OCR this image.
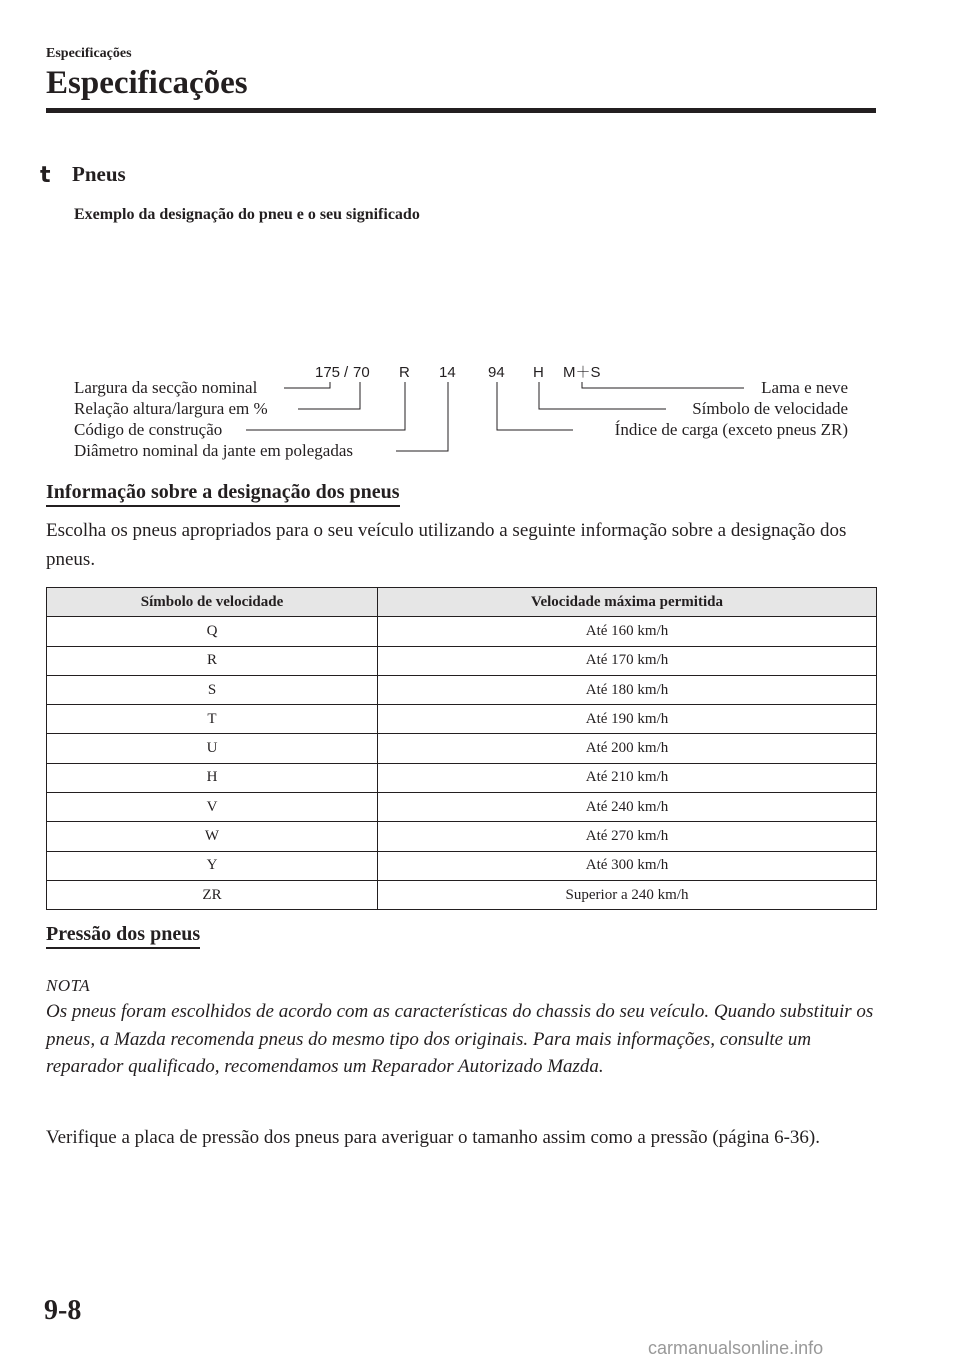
Especificações
Especificações
t Pneus
Exemplo da designação do pneu e o seu significado
175 / 70 R 14 94 H M＋S
Largura da secção nominal
Relação altura/largura em %
Código de construção
Diâmetro nominal da jante em polegadas
Lama e neve
Símbolo de velocidade
Índice de carga (exceto pneus ZR)
Informação sobre a designação dos pneus
Escolha os pneus apropriados para o seu veículo utilizando a seguinte informação sobre a designação dos pneus.
Símbolo de velocidade	Velocidade máxima permitida
Q	Até 160 km/h
R	Até 170 km/h
S	Até 180 km/h
T	Até 190 km/h
U	Até 200 km/h
H	Até 210 km/h
V	Até 240 km/h
W	Até 270 km/h
Y	Até 300 km/h
ZR	Superior a 240 km/h
Pressão dos pneus
NOTA
Os pneus foram escolhidos de acordo com as características do chassis do seu veículo. Quando substituir os pneus, a Mazda recomenda pneus do mesmo tipo dos originais. Para mais informações, consulte um reparador qualificado, recomendamos um Reparador Autorizado Mazda.
Verifique a placa de pressão dos pneus para averiguar o tamanho assim como a pressão (página 6-36).
9-8
carmanualsonline.info
